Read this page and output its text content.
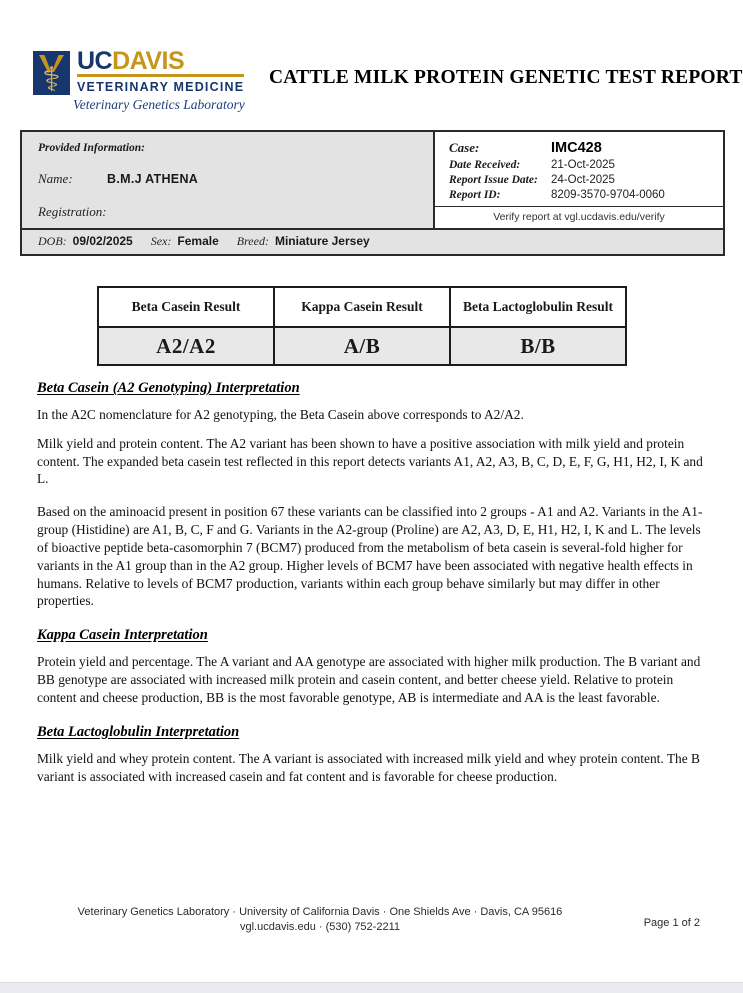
⚕ UCDAVIS
VETERINARY MEDICINE
Veterinary Genetics Laboratory
CATTLE MILK PROTEIN GENETIC TEST REPORT
Provided Information:
Name:	B.M.J ATHENA
Registration:
Case:	IMC428
Date Received:	21-Oct-2025
Report Issue Date:	24-Oct-2025
Report ID:	8209-3570-9704-0060
Verify report at vgl.ucdavis.edu/verify
DOB: 09/02/2025 Sex: Female Breed: Miniature Jersey
Beta Casein Result	Kappa Casein Result	Beta Lactoglobulin Result
A2/A2	A/B	B/B
Beta Casein (A2 Genotyping) Interpretation

In the A2C nomenclature for A2 genotyping, the Beta Casein above corresponds to A2/A2.

Milk yield and protein content. The A2 variant has been shown to have a positive association with milk yield and protein content. The expanded beta casein test reflected in this report detects variants A1, A2, A3, B, C, D, E, F, G, H1, H2, I, K and L.

Based on the aminoacid present in position 67 these variants can be classified into 2 groups - A1 and A2. Variants in the A1-group (Histidine) are A1, B, C, F and G. Variants in the A2-group (Proline) are A2, A3, D, E, H1, H2, I, K and L. The levels of bioactive peptide beta-casomorphin 7 (BCM7) produced from the metabolism of beta casein is several-fold higher for variants in the A1 group than in the A2 group. Higher levels of BCM7 have been associated with negative health effects in humans. Relative to levels of BCM7 production, variants within each group behave similarly but may differ in other properties.

Kappa Casein Interpretation

Protein yield and percentage. The A variant and AA genotype are associated with higher milk production. The B variant and BB genotype are associated with increased milk protein and casein content, and better cheese yield. Relative to protein content and cheese production, BB is the most favorable genotype, AB is intermediate and AA is the least favorable.

Beta Lactoglobulin Interpretation

Milk yield and whey protein content. The A variant is associated with increased milk yield and whey protein content. The B variant is associated with increased casein and fat content and is favorable for cheese production.

Veterinary Genetics Laboratory · University of California Davis · One Shields Ave · Davis, CA 95616
vgl.ucdavis.edu · (530) 752-2211	Page 1 of 2
